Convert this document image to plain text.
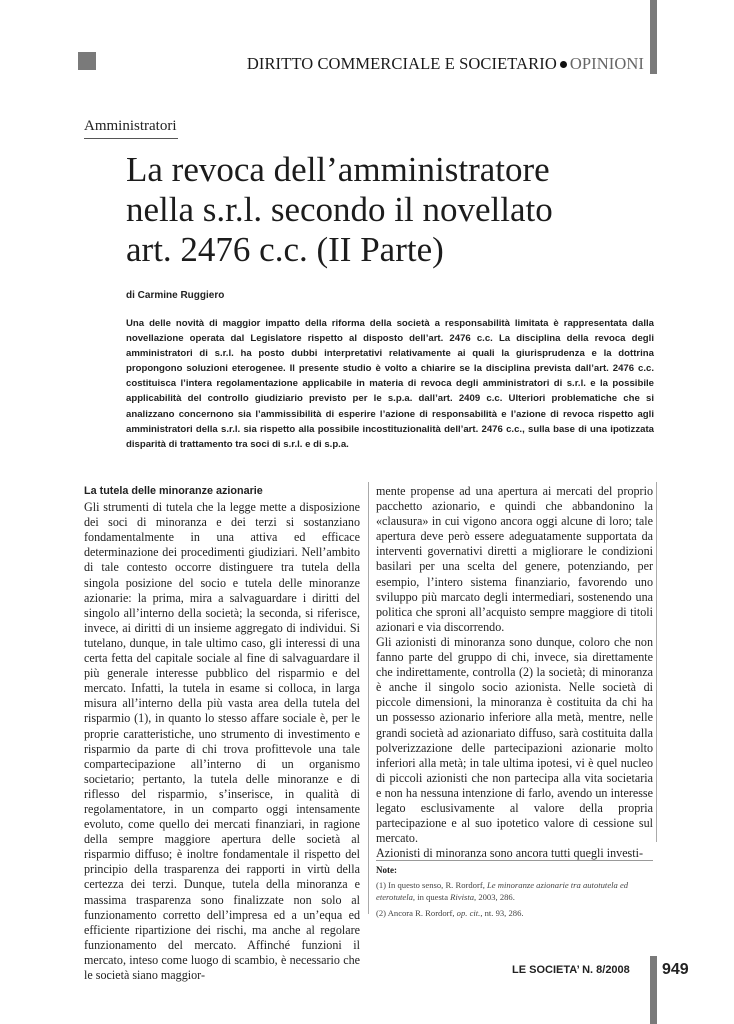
DIRITTO COMMERCIALE E SOCIETARIO OPINIONI
Amministratori
La revoca dell’amministratore
nella s.r.l. secondo il novellato
art. 2476 c.c. (II Parte)
di Carmine Ruggiero
Una delle novità di maggior impatto della riforma della società a responsabilità limitata è rappresentata dalla novellazione operata dal Legislatore rispetto al disposto dell’art. 2476 c.c. La disciplina della revoca degli amministratori di s.r.l. ha posto dubbi interpretativi relativamente ai quali la giurisprudenza e la dottrina propongono soluzioni eterogenee. Il presente studio è volto a chiarire se la disciplina prevista dall’art. 2476 c.c. costituisca l’intera regolamentazione applicabile in materia di revoca degli amministratori di s.r.l. e la possibile applicabilità del controllo giudiziario previsto per le s.p.a. dall’art. 2409 c.c. Ulteriori problematiche che si analizzano concernono sia l’ammissibilità di esperire l’azione di responsabilità e l’azione di revoca rispetto agli amministratori della s.r.l. sia rispetto alla possibile incostituzionalità dell’art. 2476 c.c., sulla base di una ipotizzata disparità di trattamento tra soci di s.r.l. e di s.p.a.
La tutela delle minoranze azionarie

Gli strumenti di tutela che la legge mette a disposizione dei soci di minoranza e dei terzi si sostanziano fondamentalmente in una attiva ed efficace determinazione dei procedimenti giudiziari. Nell’ambito di tale contesto occorre distinguere tra tutela della singola posizione del socio e tutela delle minoranze azionarie: la prima, mira a salvaguardare i diritti del singolo all’interno della società; la seconda, si riferisce, invece, ai diritti di un insieme aggregato di individui. Si tutelano, dunque, in tale ultimo caso, gli interessi di una certa fetta del capitale sociale al fine di salvaguardare il più generale interesse pubblico del risparmio e del mercato. Infatti, la tutela in esame si colloca, in larga misura all’interno della più vasta area della tutela del risparmio (1), in quanto lo stesso affare sociale è, per le proprie caratteristiche, uno strumento di investimento e risparmio da parte di chi trova profittevole una tale compartecipazione all’interno di un organismo societario; pertanto, la tutela delle minoranze e di riflesso del risparmio, s’inserisce, in qualità di regolamentatore, in un comparto oggi intensamente evoluto, come quello dei mercati finanziari, in ragione della sempre maggiore apertura delle società al risparmio diffuso; è inoltre fondamentale il rispetto del principio della trasparenza dei rapporti in virtù della certezza dei terzi. Dunque, tutela della minoranza e massima trasparenza sono finalizzate non solo al funzionamento corretto dell’impresa ed a un’equa ed efficiente ripartizione dei rischi, ma anche al regolare funzionamento del mercato. Affinché funzioni il mercato, inteso come luogo di scambio, è necessario che le società siano maggior-

mente propense ad una apertura ai mercati del proprio pacchetto azionario, e quindi che abbandonino la «clausura» in cui vigono ancora oggi alcune di loro; tale apertura deve però essere adeguatamente supportata da interventi governativi diretti a migliorare le condizioni basilari per una scelta del genere, potenziando, per esempio, l’intero sistema finanziario, favorendo uno sviluppo più marcato degli intermediari, sostenendo una politica che sproni all’acquisto sempre maggiore di titoli azionari e via discorrendo.

Gli azionisti di minoranza sono dunque, coloro che non fanno parte del gruppo di chi, invece, sia direttamente che indirettamente, controlla (2) la società; di minoranza è anche il singolo socio azionista. Nelle società di piccole dimensioni, la minoranza è costituita da chi ha un possesso azionario inferiore alla metà, mentre, nelle grandi società ad azionariato diffuso, sarà costituita dalla polverizzazione delle partecipazioni azionarie molto inferiori alla metà; in tale ultima ipotesi, vi è quel nucleo di piccoli azionisti che non partecipa alla vita societaria e non ha nessuna intenzione di farlo, avendo un interesse legato esclusivamente al valore della propria partecipazione e al suo ipotetico valore di cessione sul mercato.

Azionisti di minoranza sono ancora tutti quegli investi-

Note:
(1) In questo senso, R. Rordorf, Le minoranze azionarie tra autotutela ed eterotutela, in questa Rivista, 2003, 286.
(2) Ancora R. Rordorf, op. cit., nt. 93, 286.
LE SOCIETA’ N. 8/2008 949
